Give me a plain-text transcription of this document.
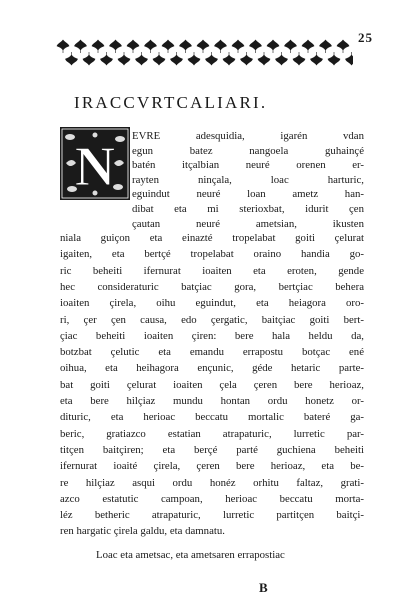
25
IRACCVRTCALIARI.
N EVRE adesquidia, igarén vdan
egun batez nangoela guhainçé
batén itçalbian neuré orenen er-
rayten ninçala, loac harturic,
eguindut neuré loan ametz han-
dibat eta mi sterioxbat, idurit çen
çautan neuré ametsian, ikusten
niala guiçon eta einazté tropelabat goiti çelurat
igaiten, eta bertçé tropelabat oraino handia go-
ric beheiti ifernurat ioaiten eta eroten, gende
hec consideraturic batçiac gora, bertçiac behera
ioaiten çirela, oihu eguindut, eta heiagora oro-
ri, çer çen causa, edo çergatic, baitçiac goiti bert-
çiac beheiti ioaiten çiren: bere hala heldu da,
botzbat çelutic eta emandu errapostu botçac ené
oihua, eta heihagora ençunic, géde hetaric parte-
bat goiti çelurat ioaiten çela çeren bere herioaz,
eta bere hilçiaz mundu hontan ordu honetz or-
dituric, eta herioac beccatu mortalic bateré ga-
beric, gratiazco estatian atrapaturic, lurretic par-
titçen baitçiren; eta berçé parté guchiena beheiti
ifernurat ioaité çirela, çeren bere herioaz, eta be-
re hilçiaz asqui ordu honéz orhitu faltaz, grati-
azco estatutic campoan, herioac beccatu morta-
léz betheric atrapaturic, lurretic partitçen baitçi-
ren hargatic çirela galdu, eta damnatu.
Loac eta ametsac, eta ametsaren errapostiac
B
